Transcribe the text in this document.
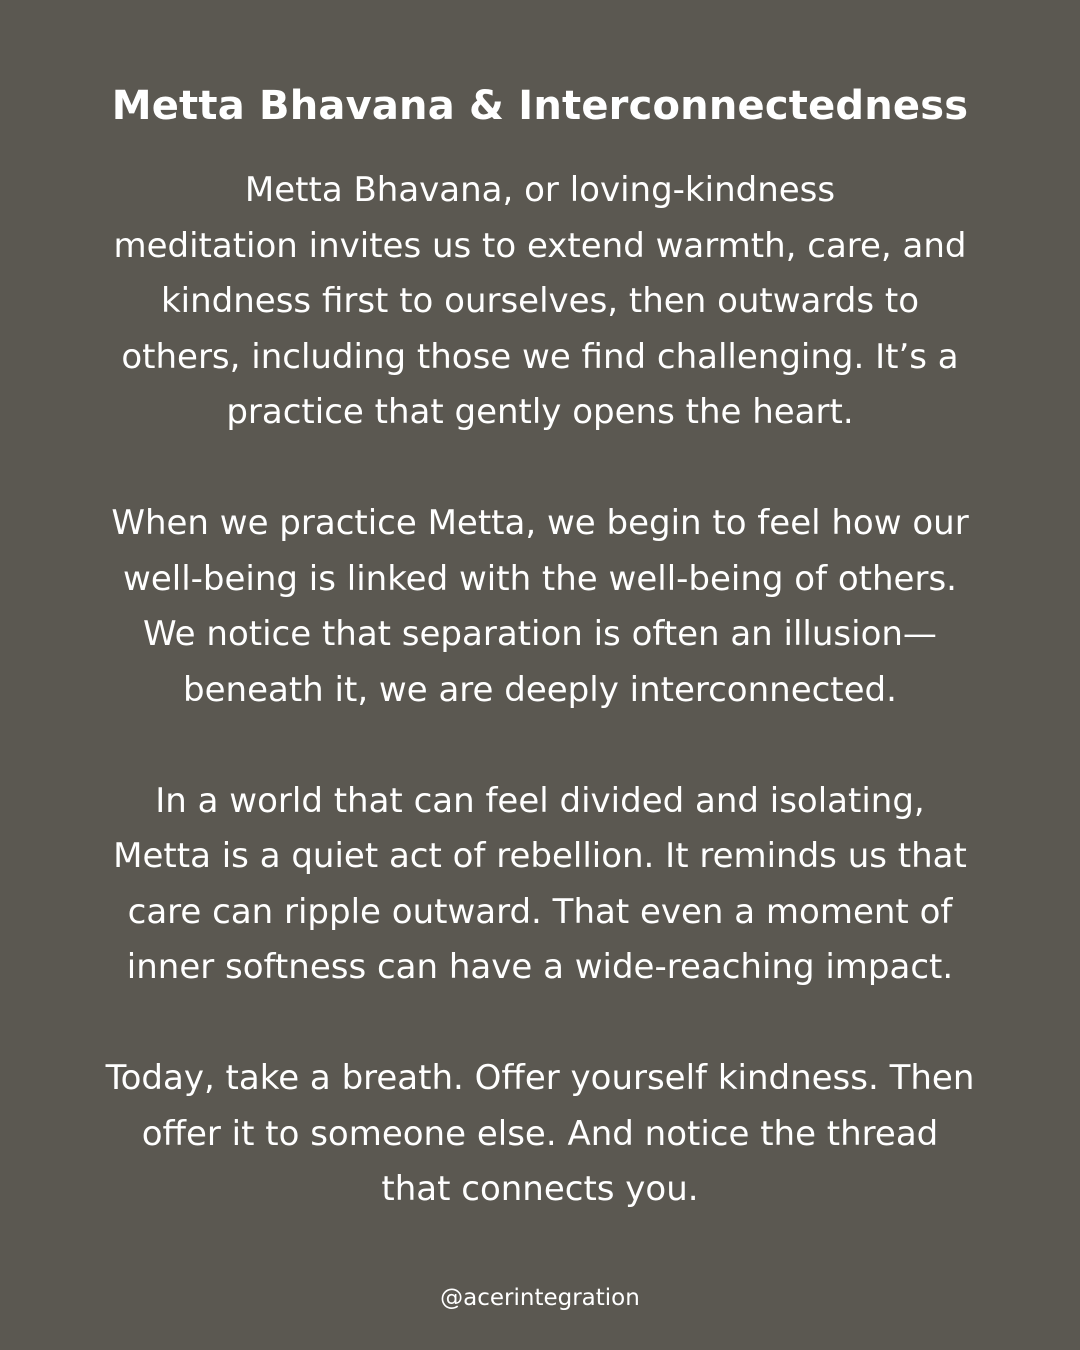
Metta Bhavana & Interconnectedness

Metta Bhavana, or loving-kindness
meditation invites us to extend warmth, care, and
kindness first to ourselves, then outwards to
others, including those we find challenging. It’s a
practice that gently opens the heart.

When we practice Metta, we begin to feel how our
well-being is linked with the well-being of others.
We notice that separation is often an illusion—
beneath it, we are deeply interconnected.

In a world that can feel divided and isolating,
Metta is a quiet act of rebellion. It reminds us that
care can ripple outward. That even a moment of
inner softness can have a wide-reaching impact.

Today, take a breath. Offer yourself kindness. Then
offer it to someone else. And notice the thread
that connects you.

@acerintegration
